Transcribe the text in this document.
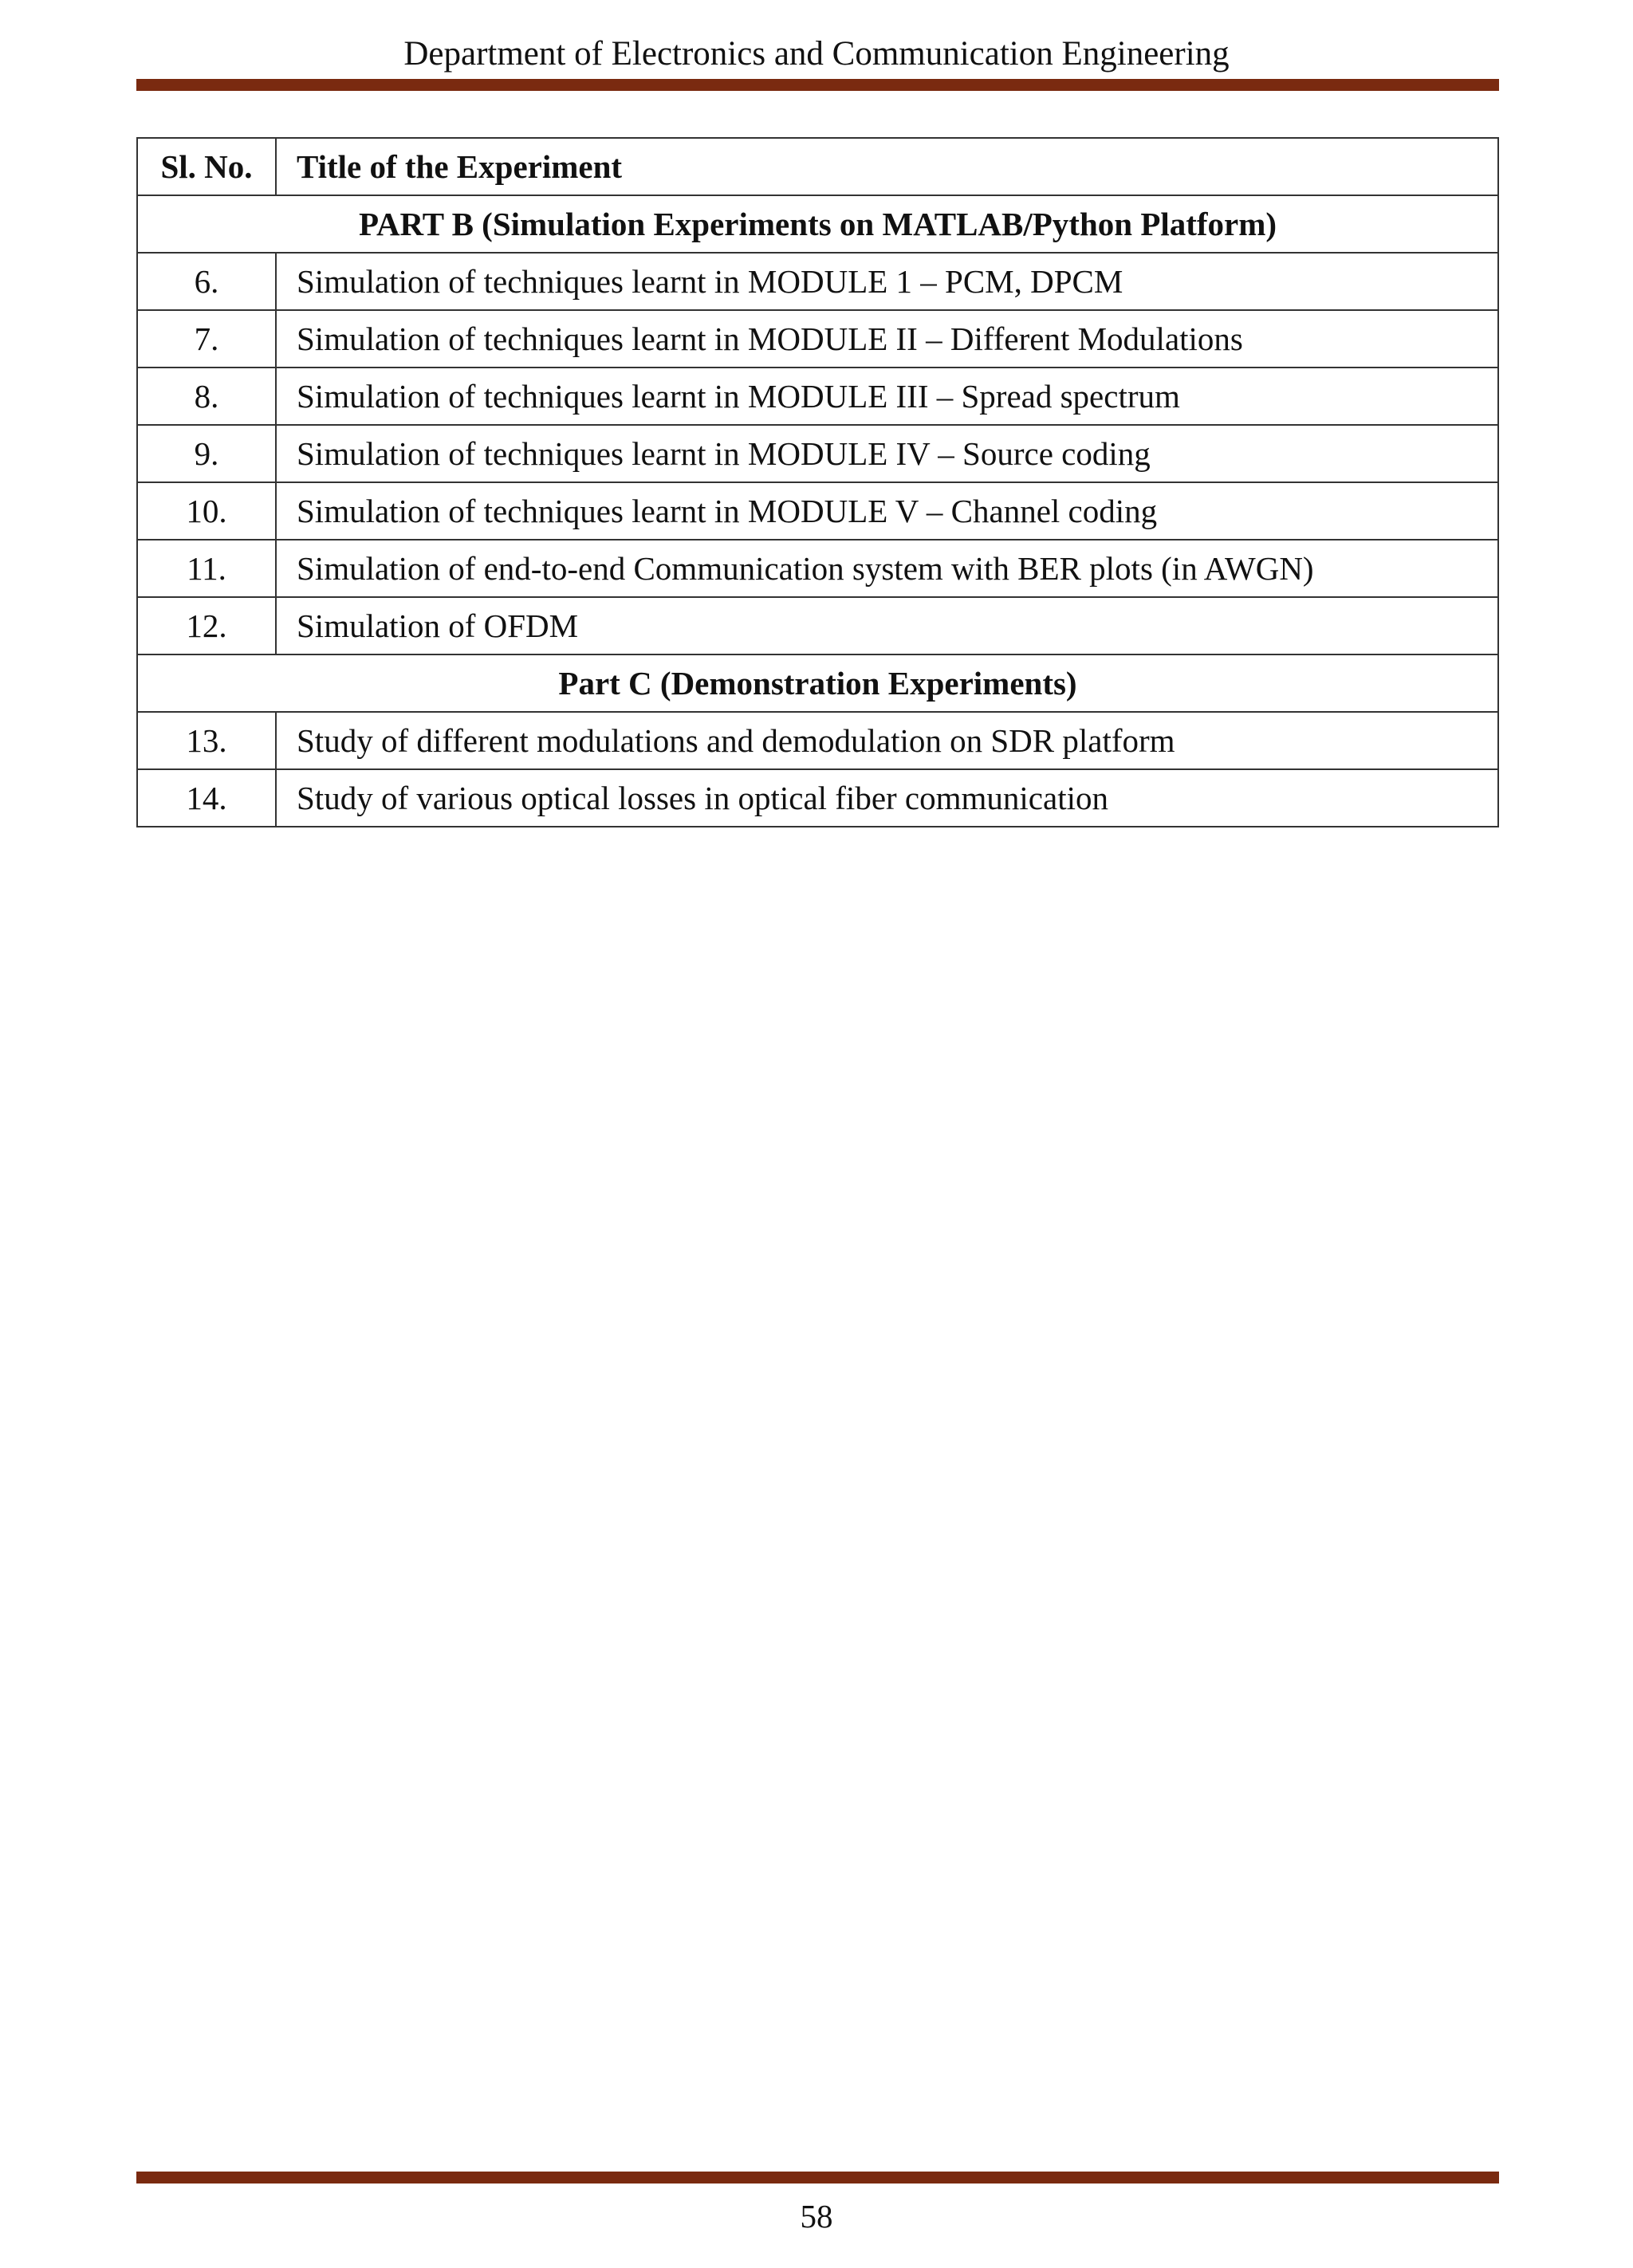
Department of Electronics and Communication Engineering
Sl. No.	Title of the Experiment
PART B (Simulation Experiments on MATLAB/Python Platform)	
6.	Simulation of techniques learnt in MODULE 1 – PCM, DPCM
7.	Simulation of techniques learnt in MODULE II – Different Modulations
8.	Simulation of techniques learnt in MODULE III – Spread spectrum
9.	Simulation of techniques learnt in MODULE IV – Source coding
10.	Simulation of techniques learnt in MODULE V – Channel coding
11.	Simulation of end-to-end Communication system with BER plots (in AWGN)
12.	Simulation of OFDM
Part C (Demonstration Experiments)	
13.	Study of different modulations and demodulation on SDR platform
14.	Study of various optical losses in optical fiber communication
58
